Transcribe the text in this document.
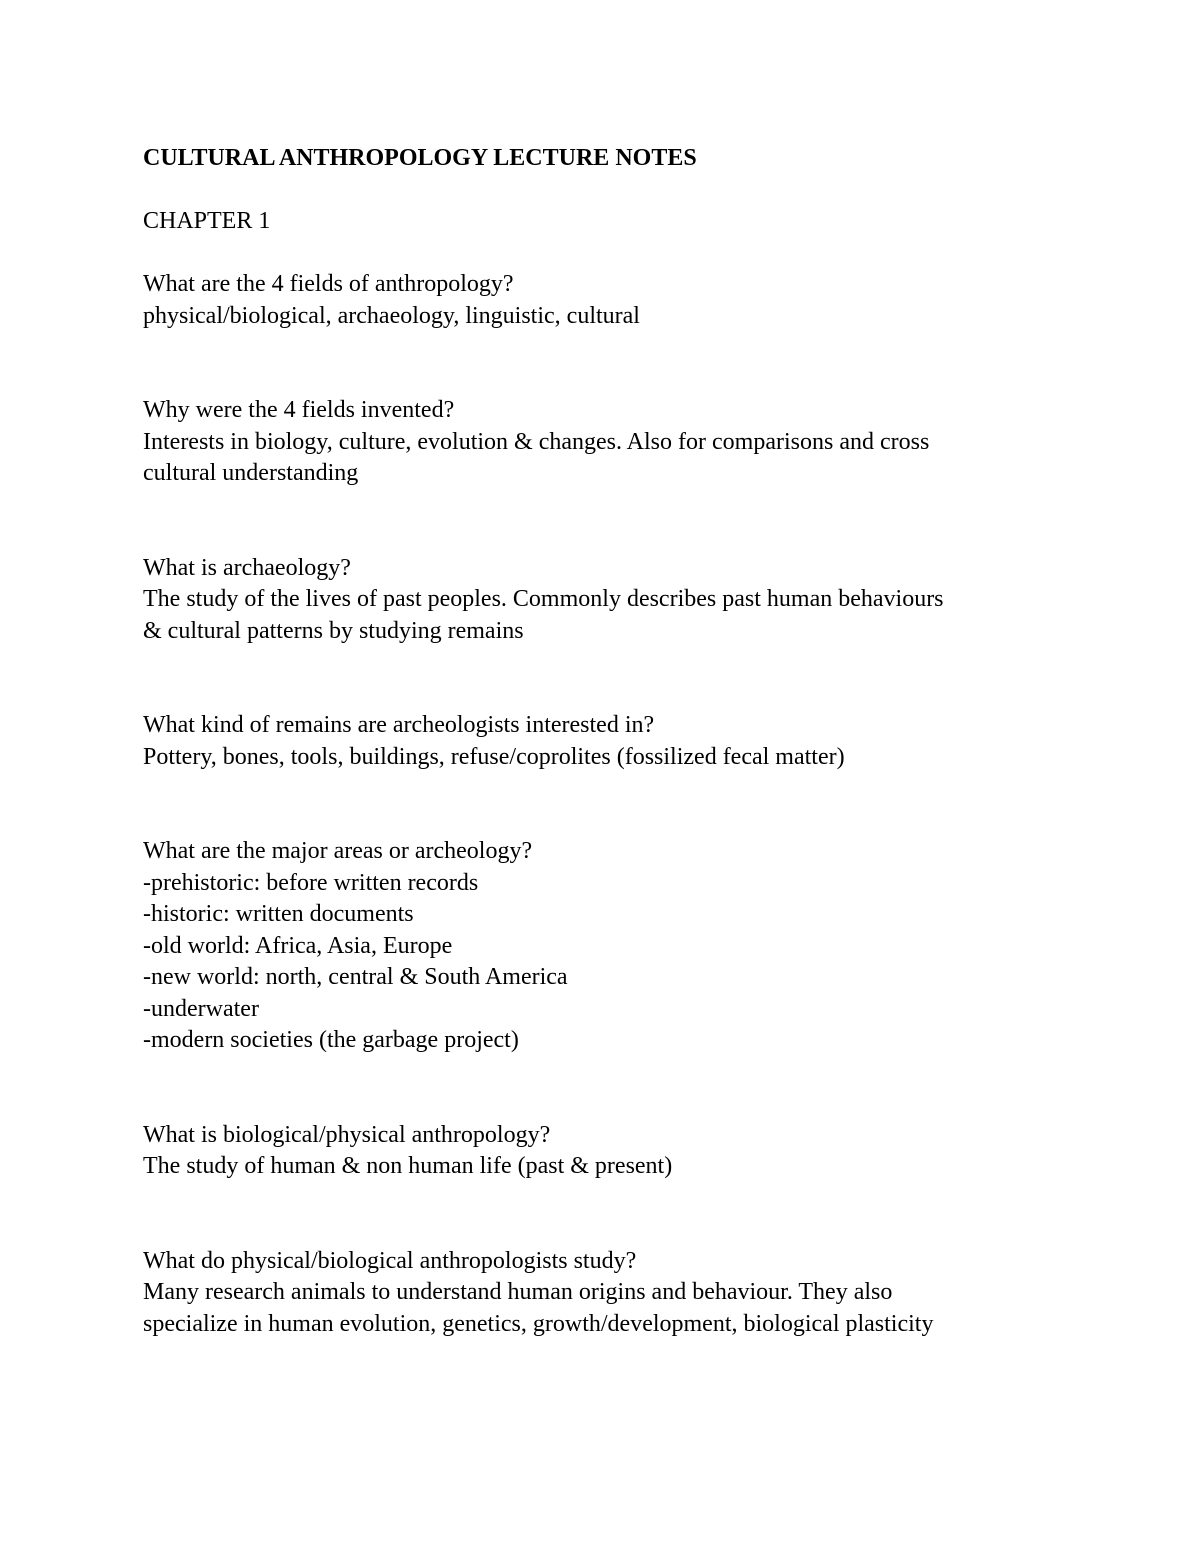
CULTURAL ANTHROPOLOGY LECTURE NOTES

CHAPTER 1

What are the 4 fields of anthropology?

physical/biological, archaeology, linguistic, cultural

Why were the 4 fields invented?

Interests in biology, culture, evolution & changes. Also for comparisons and cross

cultural understanding

What is archaeology?

The study of the lives of past peoples. Commonly describes past human behaviours

& cultural patterns by studying remains

What kind of remains are archeologists interested in?

Pottery, bones, tools, buildings, refuse/coprolites (fossilized fecal matter)

What are the major areas or archeology?

-prehistoric: before written records

-historic: written documents

-old world: Africa, Asia, Europe

-new world: north, central & South America

-underwater

-modern societies (the garbage project)

What is biological/physical anthropology?

The study of human & non human life (past & present)

What do physical/biological anthropologists study?

Many research animals to understand human origins and behaviour. They also

specialize in human evolution, genetics, growth/development, biological plasticity
